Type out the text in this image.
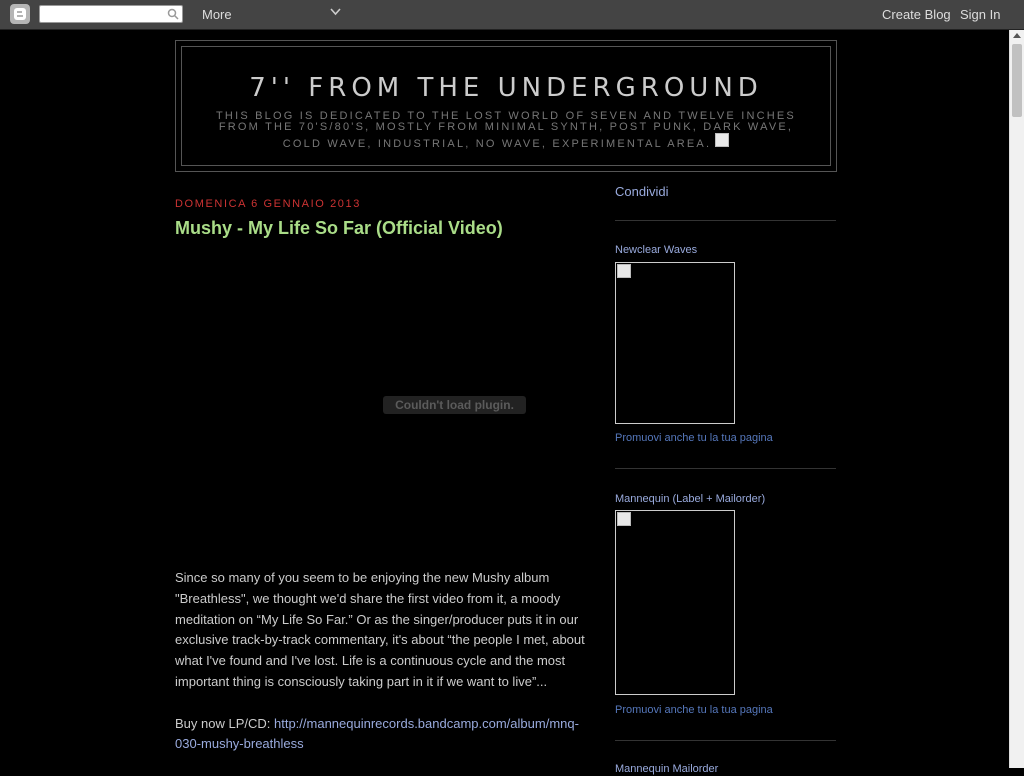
More	Create Blog Sign In
7'' FROM THE UNDERGROUND
THIS BLOG IS DEDICATED TO THE LOST WORLD OF SEVEN AND TWELVE INCHES FROM THE 70'S/80'S, MOSTLY FROM MINIMAL SYNTH, POST PUNK, DARK WAVE, COLD WAVE, INDUSTRIAL, NO WAVE, EXPERIMENTAL AREA.
DOMENICA 6 GENNAIO 2013
Mushy - My Life So Far (Official Video)
Couldn't load plugin.

Since so many of you seem to be enjoying the new Mushy album "Breathless", we thought we'd share the first video from it, a moody meditation on “My Life So Far.” Or as the singer/producer puts it in our exclusive track-by-track commentary, it's about “the people I met, about what I've found and I've lost. Life is a continuous cycle and the most important thing is consciously taking part in it if we want to live”...

Buy now LP/CD: http://mannequinrecords.bandcamp.com/album/mnq-030-mushy-breathless

Condividi
Newclear Waves
Promuovi anche tu la tua pagina
Mannequin (Label + Mailorder)
Promuovi anche tu la tua pagina
Mannequin Mailorder
